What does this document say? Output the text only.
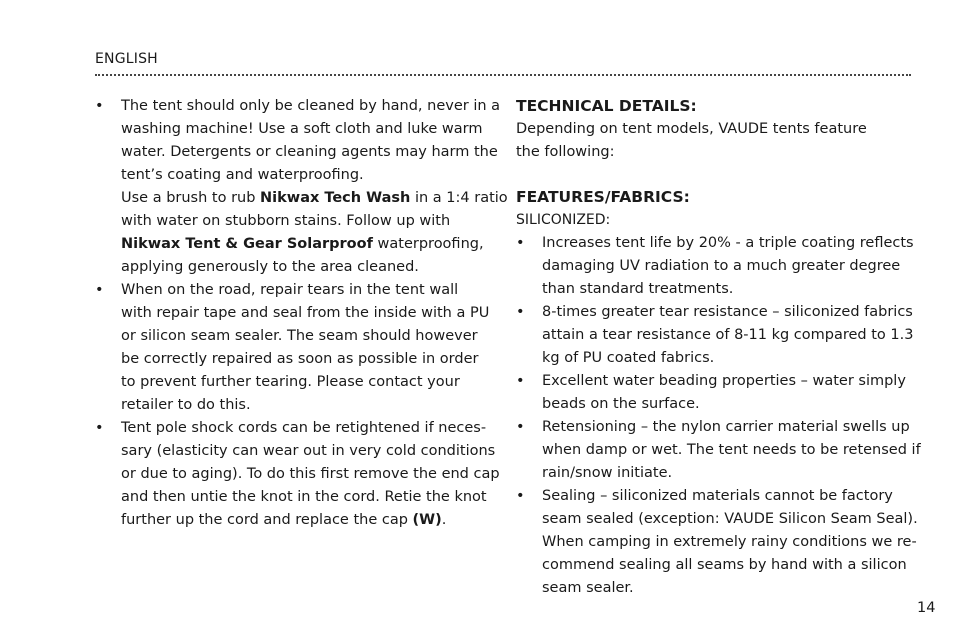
ENGLISH
• The tent should only be cleaned by hand, never in a
washing machine! Use a soft cloth and luke warm
water. Detergents or cleaning agents may harm the
tent’s coating and waterproofing.
Use a brush to rub Nikwax Tech Wash in a 1:4 ratio
with water on stubborn stains. Follow up with
Nikwax Tent & Gear Solarproof waterproofing,
applying generously to the area cleaned.
• When on the road, repair tears in the tent wall
with repair tape and seal from the inside with a PU
or silicon seam sealer. The seam should however
be correctly repaired as soon as possible in order
to prevent further tearing. Please contact your
retailer to do this.
• Tent pole shock cords can be retightened if neces-
sary (elasticity can wear out in very cold conditions
or due to aging). To do this first remove the end cap
and then untie the knot in the cord. Retie the knot
further up the cord and replace the cap (W).
TECHNICAL DETAILS:
Depending on tent models, VAUDE tents feature
the following:
FEATURES/FABRICS:
SILICONIZED:
• Increases tent life by 20% - a triple coating reflects
damaging UV radiation to a much greater degree
than standard treatments.
• 8-times greater tear resistance – siliconized fabrics
attain a tear resistance of 8-11 kg compared to 1.3
kg of PU coated fabrics.
• Excellent water beading properties – water simply
beads on the surface.
• Retensioning – the nylon carrier material swells up
when damp or wet. The tent needs to be retensed if
rain/snow initiate.
• Sealing – siliconized materials cannot be factory
seam sealed (exception: VAUDE Silicon Seam Seal).
When camping in extremely rainy conditions we re-
commend sealing all seams by hand with a silicon
seam sealer.
14
